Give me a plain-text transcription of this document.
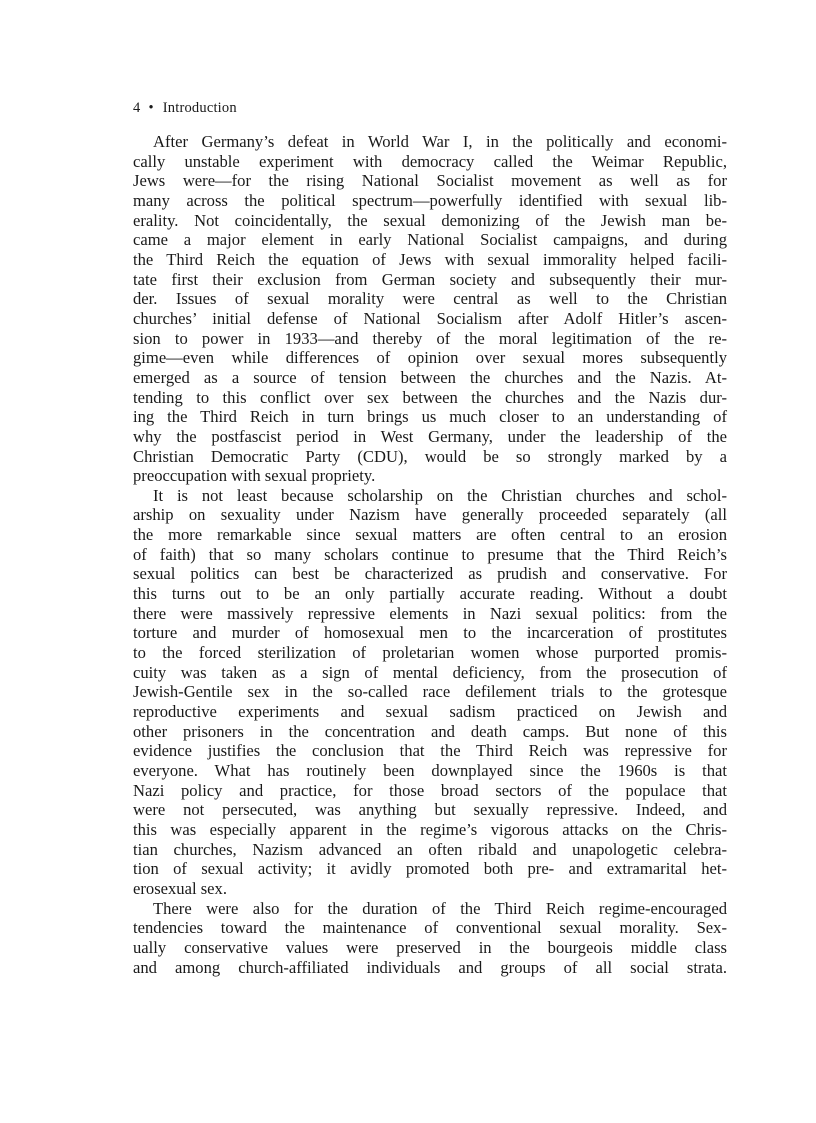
4 • Introduction

After Germany’s defeat in World War I, in the politically and economi-
cally unstable experiment with democracy called the Weimar Republic,
Jews were—for the rising National Socialist movement as well as for
many across the political spectrum—powerfully identified with sexual lib-
erality. Not coincidentally, the sexual demonizing of the Jewish man be-
came a major element in early National Socialist campaigns, and during
the Third Reich the equation of Jews with sexual immorality helped facili-
tate first their exclusion from German society and subsequently their mur-
der. Issues of sexual morality were central as well to the Christian
churches’ initial defense of National Socialism after Adolf Hitler’s ascen-
sion to power in 1933—and thereby of the moral legitimation of the re-
gime—even while differences of opinion over sexual mores subsequently
emerged as a source of tension between the churches and the Nazis. At-
tending to this conflict over sex between the churches and the Nazis dur-
ing the Third Reich in turn brings us much closer to an understanding of
why the postfascist period in West Germany, under the leadership of the
Christian Democratic Party (CDU), would be so strongly marked by a
preoccupation with sexual propriety.

It is not least because scholarship on the Christian churches and schol-
arship on sexuality under Nazism have generally proceeded separately (all
the more remarkable since sexual matters are often central to an erosion
of faith) that so many scholars continue to presume that the Third Reich’s
sexual politics can best be characterized as prudish and conservative. For
this turns out to be an only partially accurate reading. Without a doubt
there were massively repressive elements in Nazi sexual politics: from the
torture and murder of homosexual men to the incarceration of prostitutes
to the forced sterilization of proletarian women whose purported promis-
cuity was taken as a sign of mental deficiency, from the prosecution of
Jewish-Gentile sex in the so-called race defilement trials to the grotesque
reproductive experiments and sexual sadism practiced on Jewish and
other prisoners in the concentration and death camps. But none of this
evidence justifies the conclusion that the Third Reich was repressive for
everyone. What has routinely been downplayed since the 1960s is that
Nazi policy and practice, for those broad sectors of the populace that
were not persecuted, was anything but sexually repressive. Indeed, and
this was especially apparent in the regime’s vigorous attacks on the Chris-
tian churches, Nazism advanced an often ribald and unapologetic celebra-
tion of sexual activity; it avidly promoted both pre- and extramarital het-
erosexual sex.

There were also for the duration of the Third Reich regime-encouraged
tendencies toward the maintenance of conventional sexual morality. Sex-
ually conservative values were preserved in the bourgeois middle class
and among church-affiliated individuals and groups of all social strata.
